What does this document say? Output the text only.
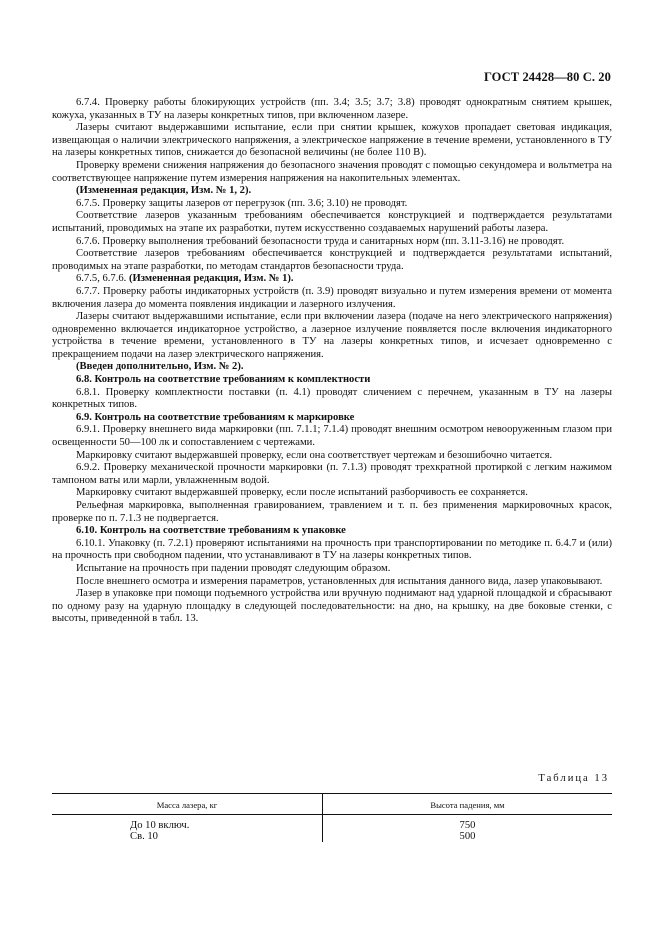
ГОСТ 24428—80 С. 20

6.7.4. Проверку работы блокирующих устройств (пп. 3.4; 3.5; 3.7; 3.8) проводят однократным снятием крышек, кожуха, указанных в ТУ на лазеры конкретных типов, при включенном лазере.

Лазеры считают выдержавшими испытание, если при снятии крышек, кожухов пропадает световая индикация, извещающая о наличии электрического напряжения, а электрическое напряжение в течение времени, установленного в ТУ на лазеры конкретных типов, снижается до безопасной величины (не более 110 В).

Проверку времени снижения напряжения до безопасного значения проводят с помощью секундомера и вольтметра на соответствующее напряжение путем измерения напряжения на накопительных элементах.

(Измененная редакция, Изм. № 1, 2).

6.7.5. Проверку защиты лазеров от перегрузок (пп. 3.6; 3.10) не проводят.

Соответствие лазеров указанным требованиям обеспечивается конструкцией и подтверждается результатами испытаний, проводимых на этапе их разработки, путем искусственно создаваемых нарушений работы лазера.

6.7.6. Проверку выполнения требований безопасности труда и санитарных норм (пп. 3.11-3.16) не проводят.

Соответствие лазеров требованиям обеспечивается конструкцией и подтверждается результатами испытаний, проводимых на этапе разработки, по методам стандартов безопасности труда.

6.7.5, 6.7.6. (Измененная редакция, Изм. № 1).

6.7.7. Проверку работы индикаторных устройств (п. 3.9) проводят визуально и путем измерения времени от момента включения лазера до момента появления индикации и лазерного излучения.

Лазеры считают выдержавшими испытание, если при включении лазера (подаче на него электрического напряжения) одновременно включается индикаторное устройство, а лазерное излучение появляется после включения индикаторного устройства в течение времени, установленного в ТУ на лазеры конкретных типов, и исчезает одновременно с прекращением подачи на лазер электрического напряжения.

(Введен дополнительно, Изм. № 2).

6.8. Контроль на соответствие требованиям к комплектности

6.8.1. Проверку комплектности поставки (п. 4.1) проводят сличением с перечнем, указанным в ТУ на лазеры конкретных типов.

6.9. Контроль на соответствие требованиям к маркировке

6.9.1. Проверку внешнего вида маркировки (пп. 7.1.1; 7.1.4) проводят внешним осмотром невооруженным глазом при освещенности 50—100 лк и сопоставлением с чертежами.

Маркировку считают выдержавшей проверку, если она соответствует чертежам и безошибочно читается.

6.9.2. Проверку механической прочности маркировки (п. 7.1.3) проводят трехкратной протиркой с легким нажимом тампоном ваты или марли, увлажненным водой.

Маркировку считают выдержавшей проверку, если после испытаний разборчивость ее сохраняется.

Рельефная маркировка, выполненная гравированием, травлением и т. п. без применения маркировочных красок, проверке по п. 7.1.3 не подвергается.

6.10. Контроль на соответствие требованиям к упаковке

6.10.1. Упаковку (п. 7.2.1) проверяют испытаниями на прочность при транспортировании по методике п. 6.4.7 и (или) на прочность при свободном падении, что устанавливают в ТУ на лазеры конкретных типов.

Испытание на прочность при падении проводят следующим образом.

После внешнего осмотра и измерения параметров, установленных для испытания данного вида, лазер упаковывают.

Лазер в упаковке при помощи подъемного устройства или вручную поднимают над ударной площадкой и сбрасывают по одному разу на ударную площадку в следующей последовательности: на дно, на крышку, на две боковые стенки, с высоты, приведенной в табл. 13.

Таблица 13
Масса лазера, кг	Высота падения, мм
До 10 включ.	750
Св. 10	500
